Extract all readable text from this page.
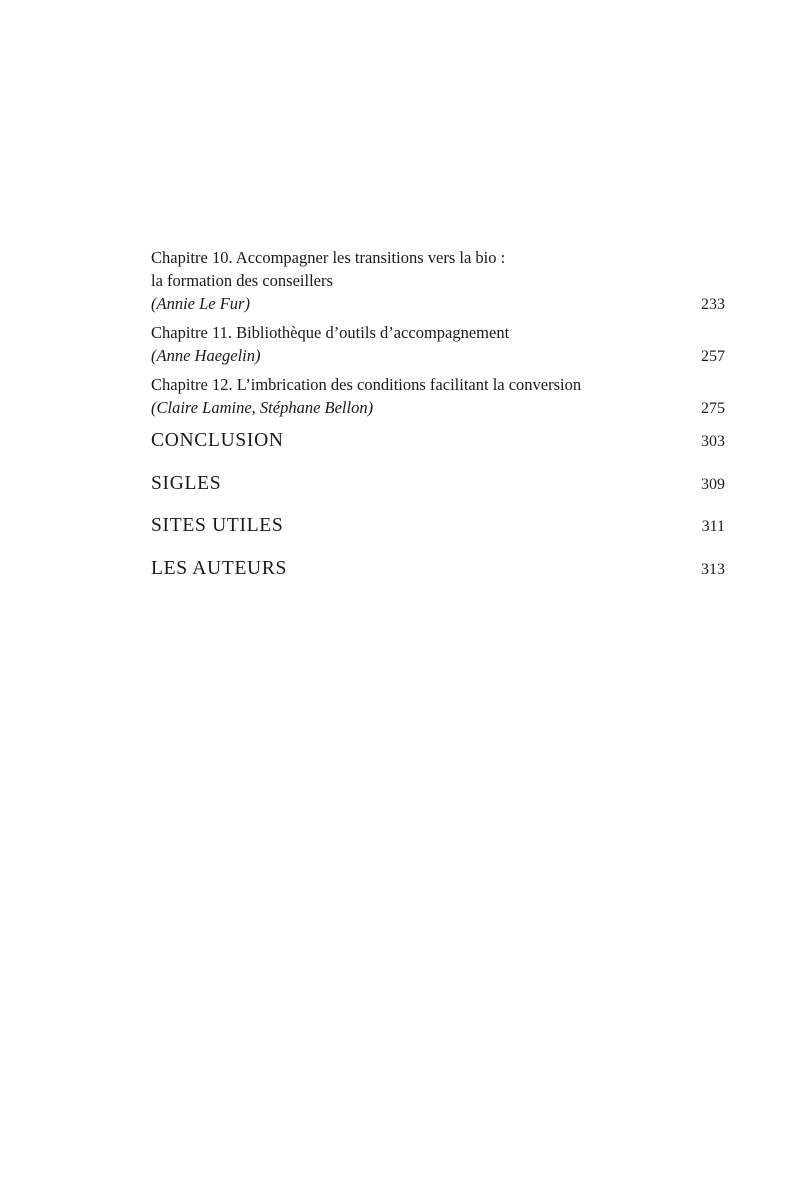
Chapitre 10. Accompagner les transitions vers la bio :
la formation des conseillers
(Annie Le Fur)	233
Chapitre 11. Bibliothèque d’outils d’accompagnement
(Anne Haegelin)	257
Chapitre 12. L’imbrication des conditions facilitant la conversion
(Claire Lamine, Stéphane Bellon)	275
CONCLUSION	303
SIGLES	309
SITES UTILES	311
LES AUTEURS	313
